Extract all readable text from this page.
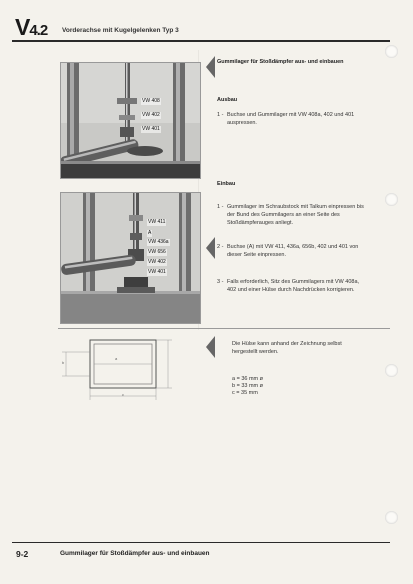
V4.2 Vorderachse mit Kugelgelenken Typ 3
VW 408
VW 402
VW 401
VW 411
A
VW 436a
VW 656
VW 402
VW 401
a
b
c
Gummilager für Stoßdämpfer aus- und einbauen
Ausbau
1 - Buchse und Gummilager mit VW 408a, 402 und 401 auspressen.
Einbau
1 - Gummilager im Schraubstock mit Talkum einpressen bis der Bund des Gummilagers an einer Seite des Stoßdämpferauges anliegt.
2 - Buchse (A) mit VW 411, 436a, 656b, 402 und 401 von dieser Seite einpressen.
3 - Falls erforderlich, Sitz des Gummilagers mit VW 408a, 402 und einer Hülse durch Nachdrücken korrigieren.
Die Hülse kann anhand der Zeichnung selbst hergestellt werden.
a = 36 mm ø
b = 33 mm ø
c = 35 mm
9-2	Gummilager für Stoßdämpfer aus- und einbauen
